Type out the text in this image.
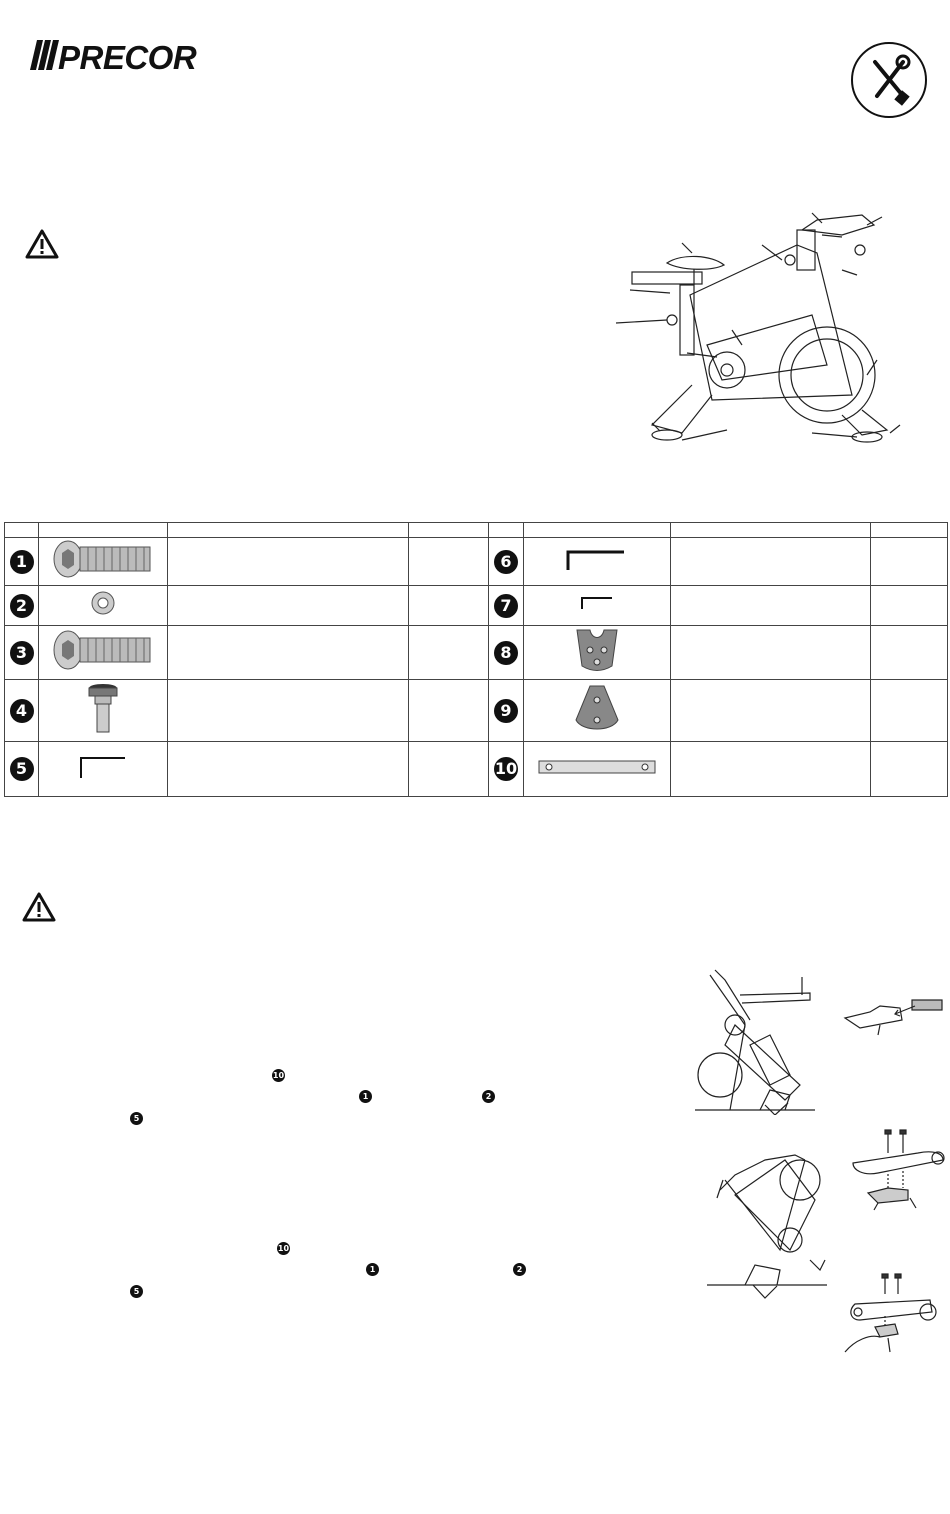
PRECOR

1				6			
2				7			
3				8			
4				9			
5				10			
10
1	2
5
10
1	2
5
